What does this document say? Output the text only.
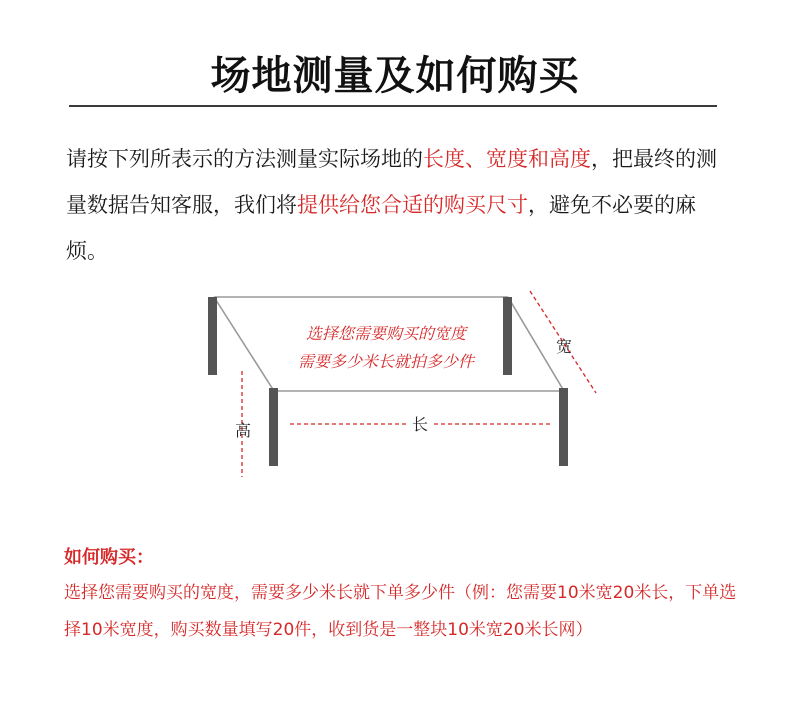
场地测量及如何购买

请按下列所表示的方法测量实际场地的长度、宽度和高度，把最终的测量数据告知客服，我们将提供给您合适的购买尺寸，避免不必要的麻烦。

宽
高	长
选择您需要购买的宽度
需要多少米长就拍多少件
如何购买：

选择您需要购买的宽度，需要多少米长就下单多少件（例：您需要10米宽20米长，下单选择10米宽度，购买数量填写20件，收到货是一整块10米宽20米长网）
